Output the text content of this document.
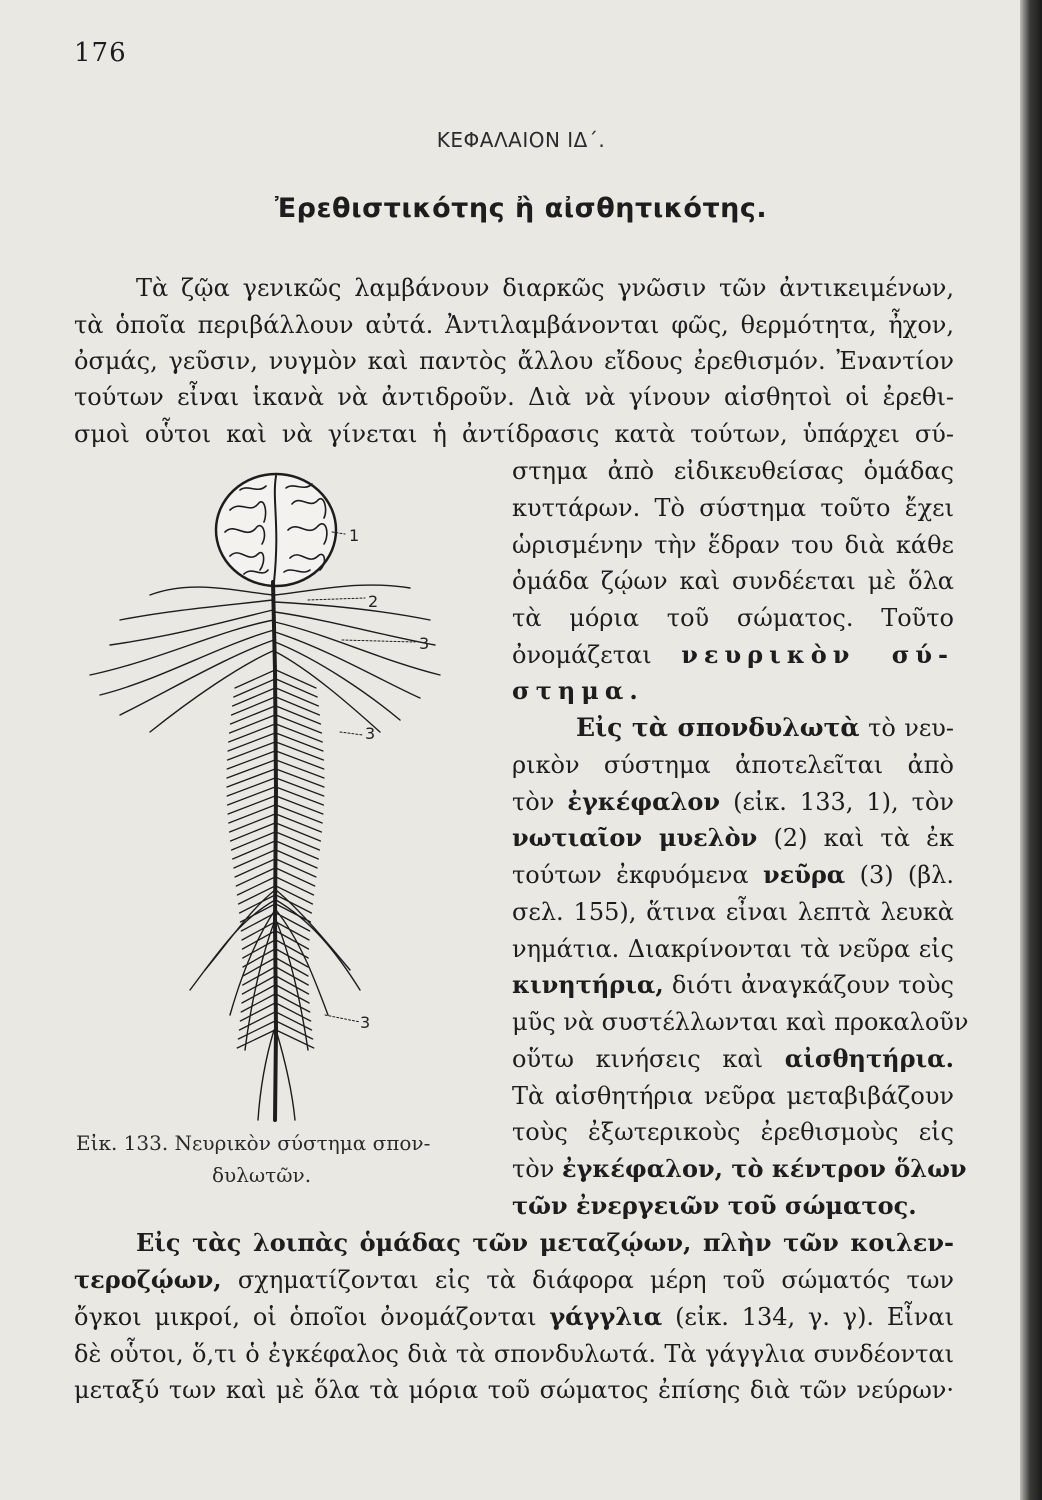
176
ΚΕΦΑΛΑΙΟΝ ΙΔ΄.
Ἐρεθιστικότης ἢ αἰσθητικότης.
Τὰ ζῷα γενικῶς λαμβάνουν διαρκῶς γνῶσιν τῶν ἀντικειμένων,
τὰ ὁποῖα περιβάλλουν αὐτά. Ἀντιλαμβάνονται φῶς, θερμότητα, ἦχον,
ὀσμάς, γεῦσιν, νυγμὸν καὶ παντὸς ἄλλου εἴδους ἐρεθισμόν. Ἐναντίον
τούτων εἶναι ἱκανὰ νὰ ἀντιδροῦν. Διὰ νὰ γίνουν αἰσθητοὶ οἱ ἐρεθι-
σμοὶ οὗτοι καὶ νὰ γίνεται ἡ ἀντίδρασις κατὰ τούτων, ὑπάρχει σύ-
στημα ἀπὸ εἰδικευθείσας ὁμάδας
κυττάρων. Τὸ σύστημα τοῦτο ἔχει
ὡρισμένην τὴν ἕδραν του διὰ κάθε
ὁμάδα ζῴων καὶ συνδέεται μὲ ὅλα
τὰ μόρια τοῦ σώματος. Τοῦτο
ὀνομάζεται νευρικὸν σύ-
στημα.
Εἰς τὰ σπονδυλωτὰ τὸ νευ-
ρικὸν σύστημα ἀποτελεῖται ἀπὸ
τὸν ἐγκέφαλον (εἰκ. 133, 1), τὸν
νωτιαῖον μυελὸν (2) καὶ τὰ ἐκ
τούτων ἐκφυόμενα νεῦρα (3) (βλ.
σελ. 155), ἅτινα εἶναι λεπτὰ λευκὰ
νημάτια. Διακρίνονται τὰ νεῦρα εἰς
κινητήρια, διότι ἀναγκάζουν τοὺς
μῦς νὰ συστέλλωνται καὶ προκαλοῦν
οὕτω κινήσεις καὶ αἰσθητήρια.
Τὰ αἰσθητήρια νεῦρα μεταβιβάζουν
τοὺς ἐξωτερικοὺς ἐρεθισμοὺς εἰς
τὸν ἐγκέφαλον, τὸ κέντρον ὅλων
τῶν ἐνεργειῶν τοῦ σώματος.
Εἰς τὰς λοιπὰς ὁμάδας τῶν μεταζῴων, πλὴν τῶν κοιλεν-
τεροζῴων, σχηματίζονται εἰς τὰ διάφορα μέρη τοῦ σώματός των
ὄγκοι μικροί, οἱ ὁποῖοι ὀνομάζονται γάγγλια (εἰκ. 134, γ. γ). Εἶναι
δὲ οὗτοι, ὅ,τι ὁ ἐγκέφαλος διὰ τὰ σπονδυλωτά. Τὰ γάγγλια συνδέονται
μεταξύ των καὶ μὲ ὅλα τὰ μόρια τοῦ σώματος ἐπίσης διὰ τῶν νεύρων·
1
2
3
3
3
Εἰκ. 133. Νευρικὸν σύστημα σπον-
δυλωτῶν.
